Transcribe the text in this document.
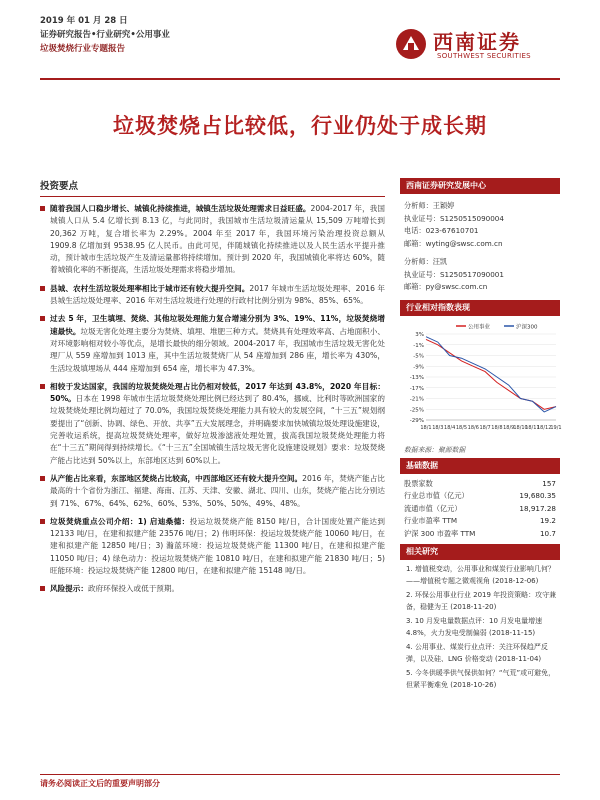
2019 年 01 月 28 日
证券研究报告•行业研究•公用事业
垃圾焚烧行业专题报告	西南证券
SOUTHWEST SECURITIES
垃圾焚烧占比较低，行业仍处于成长期
投资要点
随着我国人口稳步增长、城镇化持续推进，城镇生活垃圾处理需求日益旺盛。2004-2017 年，我国城镇人口从 5.4 亿增长到 8.13 亿，与此同时，我国城市生活垃圾清运量从 15,509 万吨增长到 20,362 万吨，复合增长率为 2.29%。2004 年至 2017 年，我国环境污染治理投资总额从 1909.8 亿增加到 9538.95 亿人民币。由此可见，伴随城镇化持续推进以及人民生活水平提升推动，预计城市生活垃圾产生及清运量都将持续增加。预计到 2020 年，我国城镇化率将达 60%，随着城镇化率的不断提高，生活垃圾处理需求将稳步增加。
县城、农村生活垃圾处理率相比于城市还有较大提升空间。2017 年城市生活垃圾处理率、2016 年县城生活垃圾处理率、2016 年对生活垃圾进行处理的行政村比例分别为 98%、85%、65%。
过去 5 年，卫生填埋、焚烧、其他垃圾处理能力复合增速分别为 3%、19%、11%，垃圾焚烧增速最快。垃圾无害化处理主要分为焚烧、填埋、堆肥三种方式。焚烧具有处理效率高、占地面积小、对环境影响相对较小等优点，是增长最快的细分领域。2004-2017 年，我国城市生活垃圾无害化处理厂从 559 座增加到 1013 座，其中生活垃圾焚烧厂从 54 座增加到 286 座，增长率为 430%，生活垃圾填埋场从 444 座增加到 654 座，增长率为 47.3%。
相较于发达国家，我国的垃圾焚烧处理占比仍相对较低，2017 年达到 43.8%，2020 年目标：50%。日本在 1998 年城市生活垃圾焚烧处理比例已经达到了 80.4%，挪威、比利时等欧洲国家的垃圾焚烧处理比例均超过了 70.0%，我国垃圾焚烧处理能力具有较大的发展空间，“十三五”规划纲要提出了“创新、协调、绿色、开放、共享”五大发展理念，并明确要求加快城镇垃圾处理设施建设，完善收运系统，提高垃圾焚烧处理率，做好垃圾渗滤液处理处置，拔高我国垃圾焚烧处理能力将在“十三五”期间得到持续增长。《“十三五”全国城镇生活垃圾无害化设施建设规划》要求：垃圾焚烧产能占比达到 50%以上，东部地区达到 60%以上。
从产能占比来看，东部地区焚烧占比较高，中西部地区还有较大提升空间。2016 年，焚烧产能占比最高的十个省份为浙江、福建、海南、江苏、天津、安徽、湖北、四川、山东，焚烧产能占比分别达到 71%、67%、64%、62%、60%、53%、50%、50%、49%、48%。
垃圾焚烧重点公司介绍：1) 启迪桑德：投运垃圾焚烧产能 8150 吨/日，合计国废处置产能达到 12133 吨/日，在建和拟建产能 23576 吨/日；2) 伟明环保：投运垃圾焚烧产能 10060 吨/日，在建和拟建产能 12850 吨/日；3) 瀚蓝环境：投运垃圾焚烧产能 11300 吨/日，在建和拟建产能 11050 吨/日；4) 绿色动力：投运垃圾焚烧产能 10810 吨/日，在建和拟建产能 21830 吨/日；5) 旺能环境：投运垃圾焚烧产能 12800 吨/日，在建和拟建产能 15148 吨/日。
风险提示：政府环保投入或低于预期。
西南证券研究发展中心
分析师：王颖婷
执业证号：S1250515090004
电话：023-67610701
邮箱：wyting@swsc.com.cn
分析师：汪凯
执业证号：S1250517090001
邮箱：py@swsc.com.cn
行业相对指数表现
公用事业	沪深300
3%
-1%
-5%
-9%
-13%
-17%
-21%
-25%
-29%
18/1 18/3 18/4 18/5 18/6 18/7 18/8 18/9
18/10
18/11
18/12
19/1
数据来源：聚源数据
基础数据
股票家数	157
行业总市值（亿元）	19,680.35
流通市值（亿元）	18,917.28
行业市盈率 TTM	19.2
沪深 300 市盈率 TTM	10.7
相关研究
1. 增值税变动，公用事业和煤炭行业影响几何？——增值税专题之微观视角 (2018-12-06)
2. 环保公用事业行业 2019 年投资策略：攻守兼备，稳健为王 (2018-11-20)
3. 10 月发电量数据点评：10 月发电量增速 4.8%，火力发电受制偏弱 (2018-11-15)
4. 公用事业、煤炭行业点评：关注环保趋严反弹，以及硅、LNG 价格变动 (2018-11-04)
5. 今冬供暖季供气保供如何？“气荒”或可避免，但紧平衡难免 (2018-10-26)
请务必阅读正文后的重要声明部分
